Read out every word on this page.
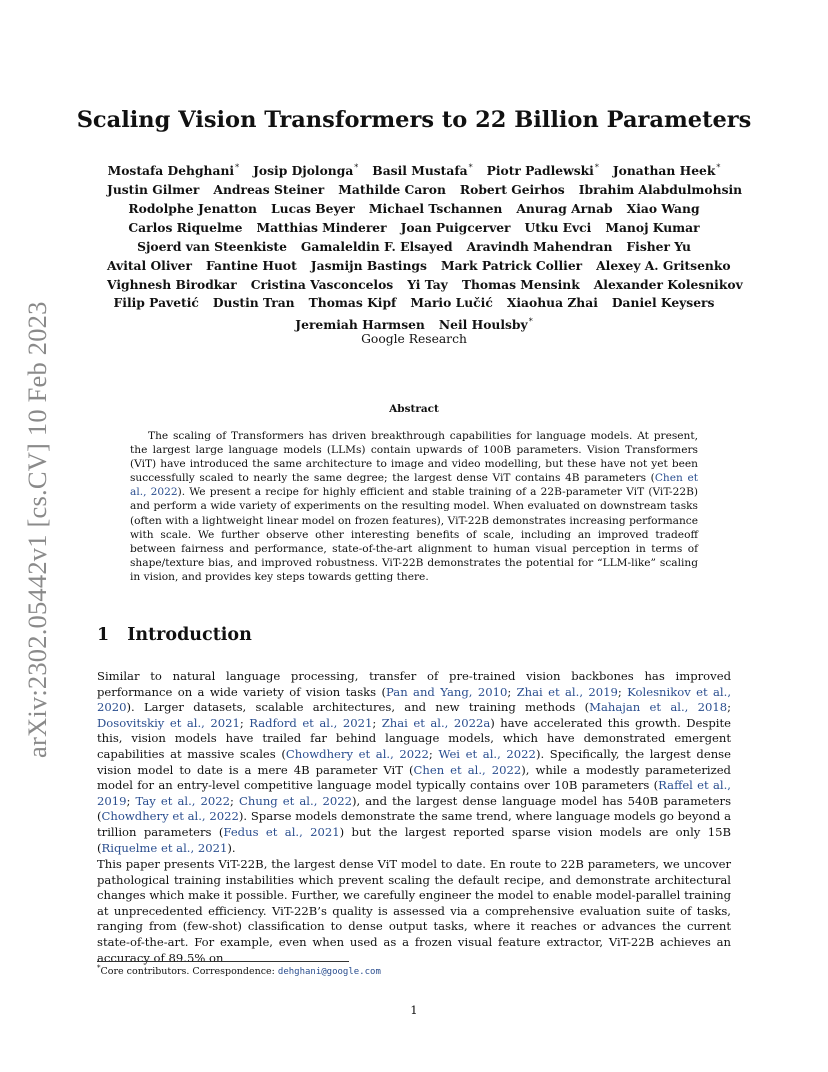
arXiv:2302.05442v1 [cs.CV] 10 Feb 2023
Scaling Vision Transformers to 22 Billion Parameters
Mostafa Dehghani* Josip Djolonga* Basil Mustafa* Piotr Padlewski* Jonathan Heek*
Justin Gilmer Andreas Steiner Mathilde Caron Robert Geirhos Ibrahim Alabdulmohsin
Rodolphe Jenatton Lucas Beyer Michael Tschannen Anurag Arnab Xiao Wang
Carlos Riquelme Matthias Minderer Joan Puigcerver Utku Evci Manoj Kumar
Sjoerd van Steenkiste Gamaleldin F. Elsayed Aravindh Mahendran Fisher Yu
Avital Oliver Fantine Huot Jasmijn Bastings Mark Patrick Collier Alexey A. Gritsenko
Vighnesh Birodkar Cristina Vasconcelos Yi Tay Thomas Mensink Alexander Kolesnikov
Filip Pavetić Dustin Tran Thomas Kipf Mario Lučić Xiaohua Zhai Daniel Keysers
Jeremiah Harmsen Neil Houlsby*
Google Research
Abstract

The scaling of Transformers has driven breakthrough capabilities for language models. At present, the largest large language models (LLMs) contain upwards of 100B parameters. Vision Transformers (ViT) have introduced the same architecture to image and video modelling, but these have not yet been successfully scaled to nearly the same degree; the largest dense ViT contains 4B parameters (Chen et al., 2022). We present a recipe for highly efficient and stable training of a 22B-parameter ViT (ViT-22B) and perform a wide variety of experiments on the resulting model. When evaluated on downstream tasks (often with a lightweight linear model on frozen features), ViT-22B demonstrates increasing performance with scale. We further observe other interesting benefits of scale, including an improved tradeoff between fairness and performance, state-of-the-art alignment to human visual perception in terms of shape/texture bias, and improved robustness. ViT-22B demonstrates the potential for “LLM-like” scaling in vision, and provides key steps towards getting there.

1 Introduction

Similar to natural language processing, transfer of pre-trained vision backbones has improved performance on a wide variety of vision tasks (Pan and Yang, 2010; Zhai et al., 2019; Kolesnikov et al., 2020). Larger datasets, scalable architectures, and new training methods (Mahajan et al., 2018; Dosovitskiy et al., 2021; Radford et al., 2021; Zhai et al., 2022a) have accelerated this growth. Despite this, vision models have trailed far behind language models, which have demonstrated emergent capabilities at massive scales (Chowdhery et al., 2022; Wei et al., 2022). Specifically, the largest dense vision model to date is a mere 4B parameter ViT (Chen et al., 2022), while a modestly parameterized model for an entry-level competitive language model typically contains over 10B parameters (Raffel et al., 2019; Tay et al., 2022; Chung et al., 2022), and the largest dense language model has 540B parameters (Chowdhery et al., 2022). Sparse models demonstrate the same trend, where language models go beyond a trillion parameters (Fedus et al., 2021) but the largest reported sparse vision models are only 15B (Riquelme et al., 2021).

This paper presents ViT-22B, the largest dense ViT model to date. En route to 22B parameters, we uncover pathological training instabilities which prevent scaling the default recipe, and demonstrate architectural changes which make it possible. Further, we carefully engineer the model to enable model-parallel training at unprecedented efficiency. ViT-22B’s quality is assessed via a comprehensive evaluation suite of tasks, ranging from (few-shot) classification to dense output tasks, where it reaches or advances the current state-of-the-art. For example, even when used as a frozen visual feature extractor, ViT-22B achieves an accuracy of 89.5% on

*Core contributors. Correspondence: dehghani@google.com
1
